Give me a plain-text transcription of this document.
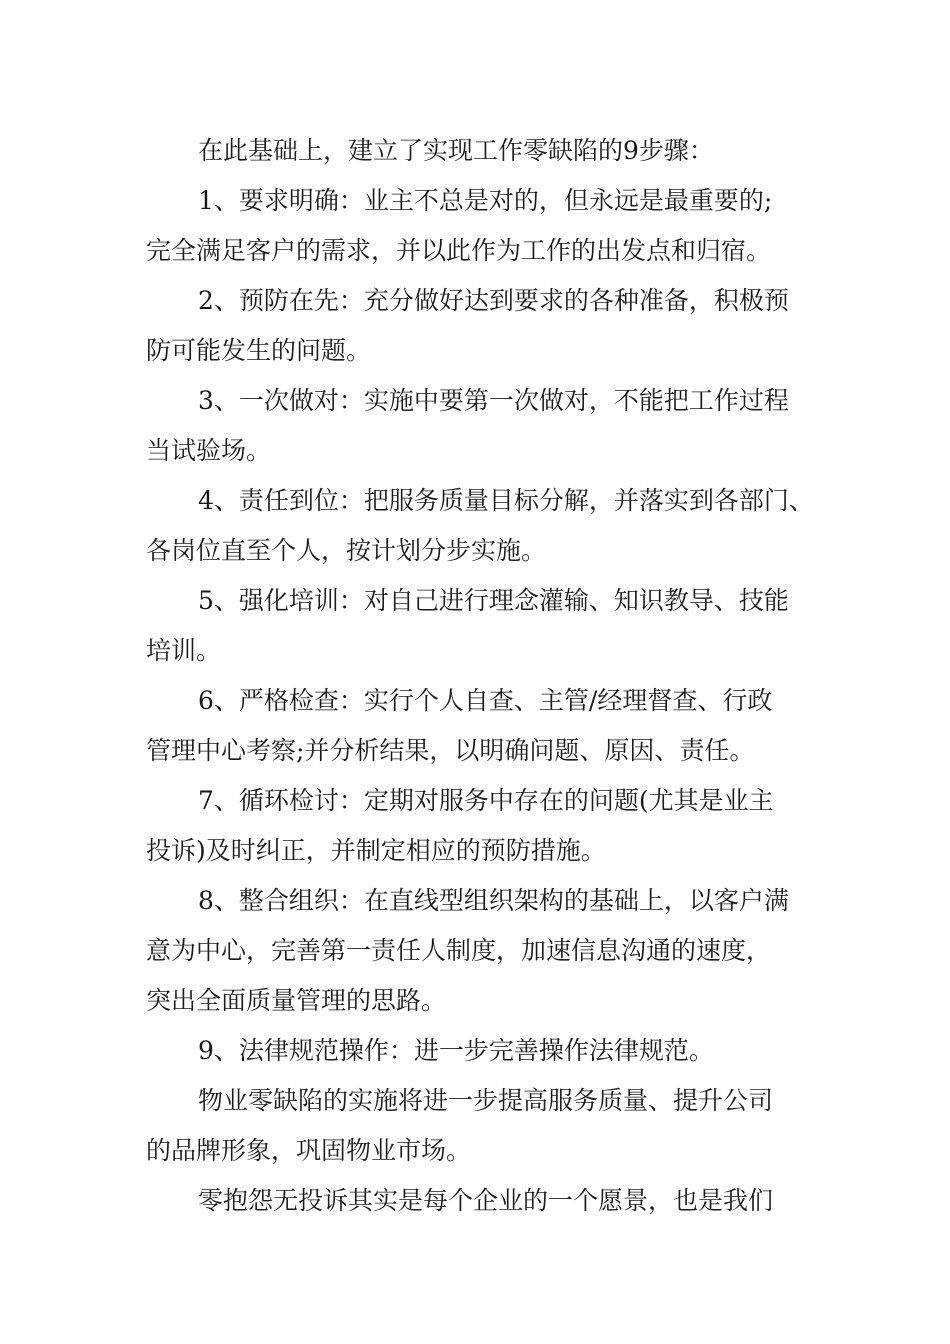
在此基础上，建立了实现工作零缺陷的9步骤：
1、要求明确：业主不总是对的，但永远是最重要的;
完全满足客户的需求，并以此作为工作的出发点和归宿。
2、预防在先：充分做好达到要求的各种准备，积极预
防可能发生的问题。
3、一次做对：实施中要第一次做对，不能把工作过程
当试验场。
4、责任到位：把服务质量目标分解，并落实到各部门、
各岗位直至个人，按计划分步实施。
5、强化培训：对自己进行理念灌输、知识教导、技能
培训。
6、严格检查：实行个人自查、主管/经理督查、行政
管理中心考察;并分析结果，以明确问题、原因、责任。
7、循环检讨：定期对服务中存在的问题(尤其是业主
投诉)及时纠正，并制定相应的预防措施。
8、整合组织：在直线型组织架构的基础上，以客户满
意为中心，完善第一责任人制度，加速信息沟通的速度，
突出全面质量管理的思路。
9、法律规范操作：进一步完善操作法律规范。
物业零缺陷的实施将进一步提高服务质量、提升公司
的品牌形象，巩固物业市场。
零抱怨无投诉其实是每个企业的一个愿景，也是我们
